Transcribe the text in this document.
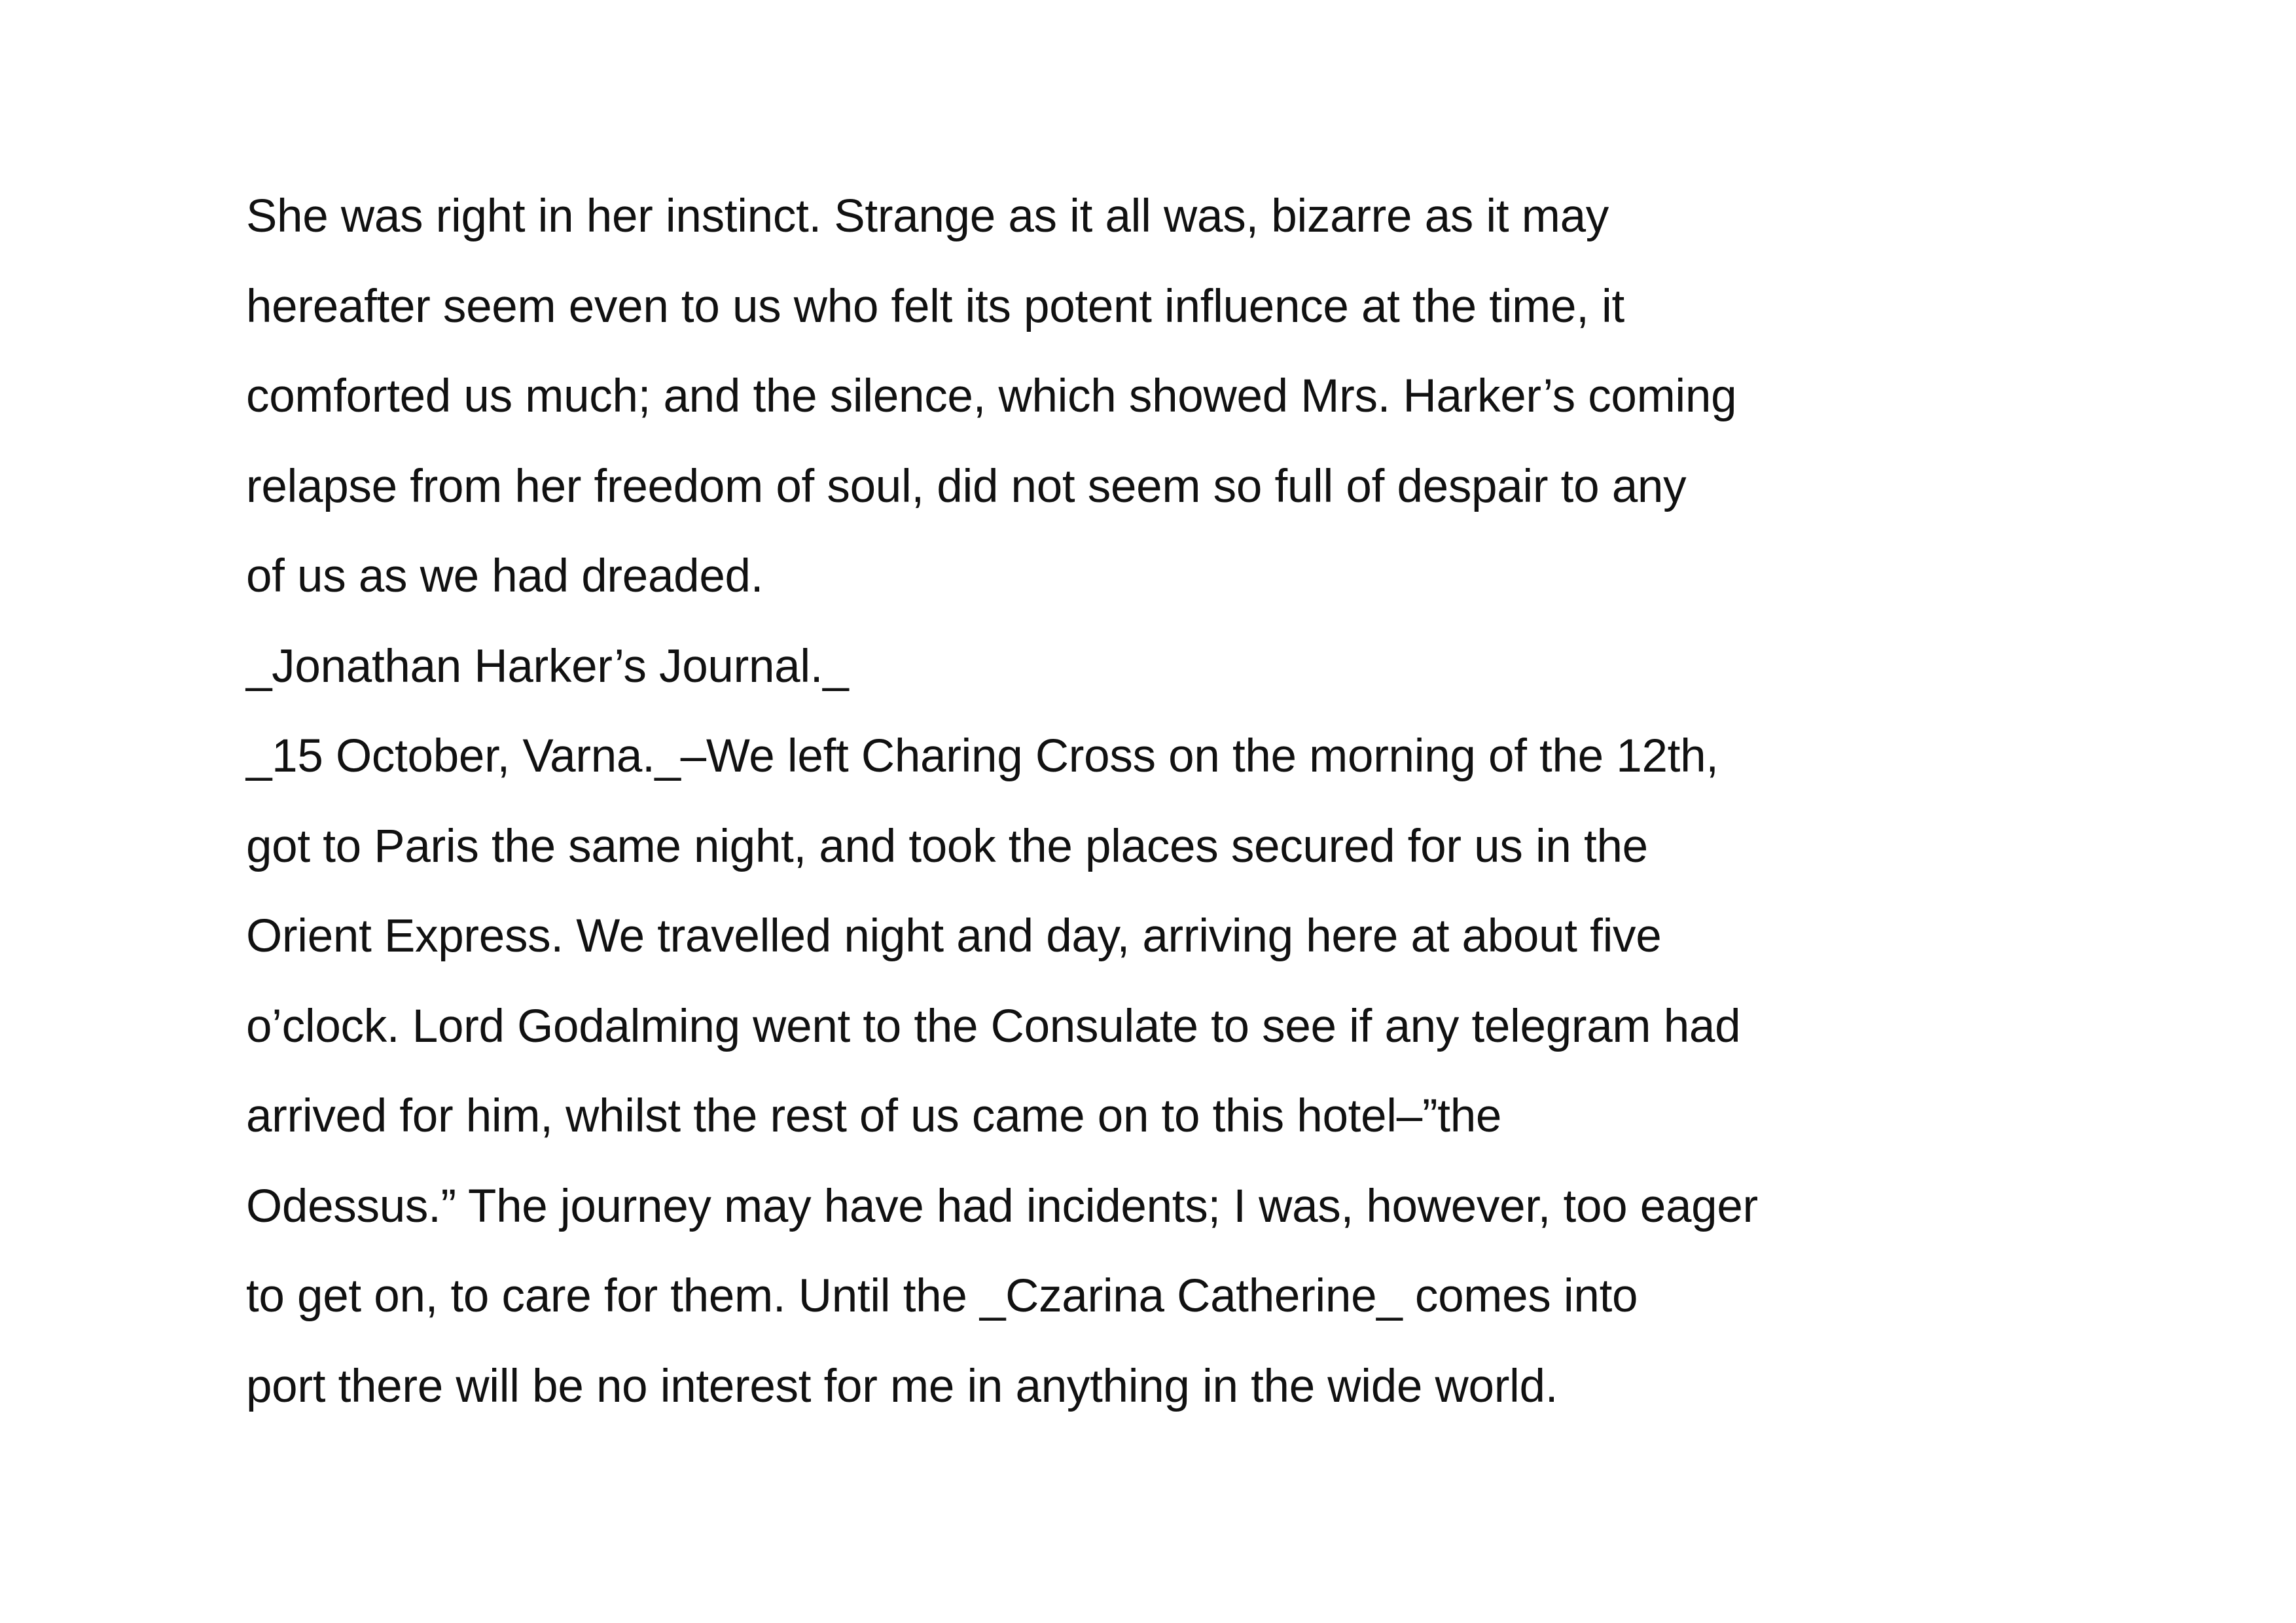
She was right in her instinct. Strange as it all was, bizarre as it may
hereafter seem even to us who felt its potent influence at the time, it
comforted us much; and the silence, which showed Mrs. Harker’s coming
relapse from her freedom of soul, did not seem so full of despair to any
of us as we had dreaded.
_Jonathan Harker’s Journal._
_15 October, Varna._–We left Charing Cross on the morning of the 12th,
got to Paris the same night, and took the places secured for us in the
Orient Express. We travelled night and day, arriving here at about five
o’clock. Lord Godalming went to the Consulate to see if any telegram had
arrived for him, whilst the rest of us came on to this hotel–”the
Odessus.” The journey may have had incidents; I was, however, too eager
to get on, to care for them. Until the _Czarina Catherine_ comes into
port there will be no interest for me in anything in the wide world.
